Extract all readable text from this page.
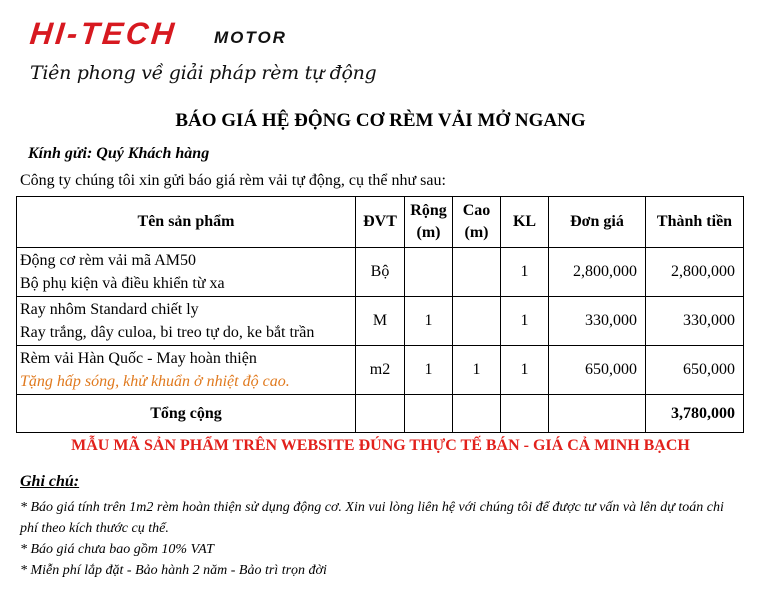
HI-TECH MOTOR
Tiên phong về giải pháp rèm tự động
BÁO GIÁ HỆ ĐỘNG CƠ RÈM VẢI MỞ NGANG
Kính gửi: Quý Khách hàng
Công ty chúng tôi xin gửi báo giá rèm vải tự động, cụ thể như sau:
Tên sản phẩm	ĐVT	Rộng (m)	Cao (m)	KL	Đơn giá	Thành tiền

Động cơ rèm vải mã AM50
Bộ phụ kiện và điều khiển từ xa	Bộ			1	2,800,000	2,800,000

Ray nhôm Standard chiết ly
Ray trắng, dây culoa, bi treo tự do, ke bắt trần	M	1		1	330,000	330,000

Rèm vải Hàn Quốc - May hoàn thiện
Tặng hấp sóng, khử khuẩn ở nhiệt độ cao.	m2	1	1	1	650,000	650,000
Tổng cộng						3,780,000
MẪU MÃ SẢN PHẨM TRÊN WEBSITE ĐÚNG THỰC TẾ BÁN - GIÁ CẢ MINH BẠCH
Ghi chú:
* Báo giá tính trên 1m2 rèm hoàn thiện sử dụng động cơ. Xin vui lòng liên hệ với chúng tôi để được tư vấn và lên dự toán chi phí theo kích thước cụ thể.
* Báo giá chưa bao gồm 10% VAT
* Miễn phí lắp đặt - Bảo hành 2 năm - Bảo trì trọn đời
